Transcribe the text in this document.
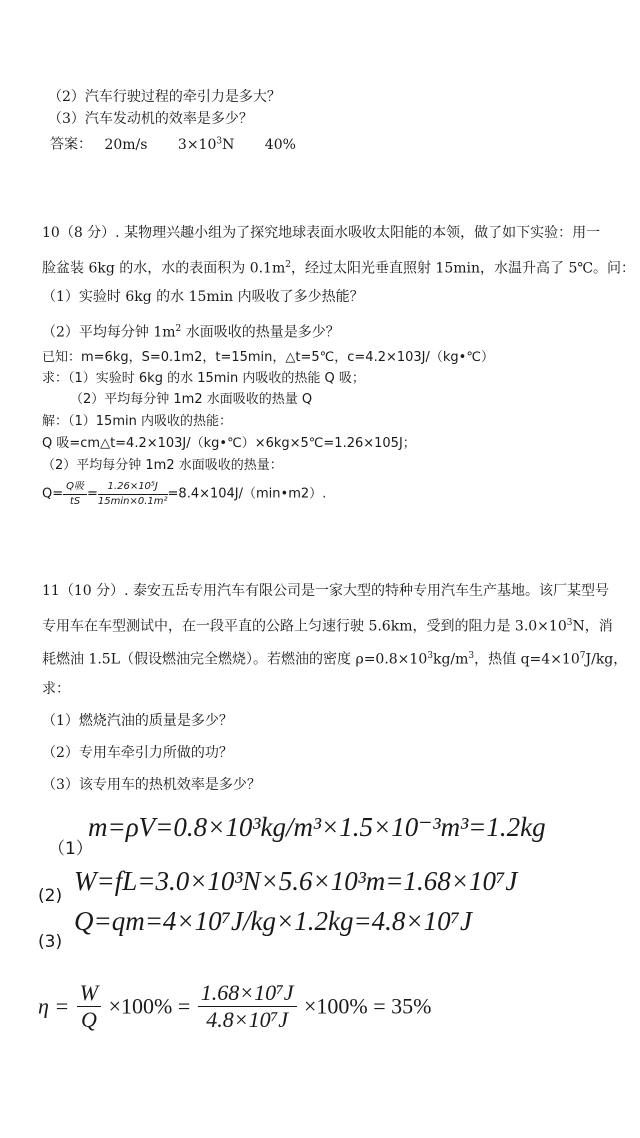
（2）汽车行驶过程的牵引力是多大？
（3）汽车发动机的效率是多少？
答案： 20m/s $3\times 10^3N$ 40%
10（8 分）. 某物理兴趣小组为了探究地球表面水吸收太阳能的本领，做了如下实验：用一
脸盆装 6kg 的水，水的表面积为 $0.1m^2$，经过太阳光垂直照射 15min，水温升高了 5℃。问：
（1）实验时 6kg 的水 15min 内吸收了多少热能？
（2）平均每分钟 $1m^2$ 水面吸收的热量是多少？
已知：m=6kg，S=0.1m2，t=15min，△t=5℃，c=4.2×103J/（kg•℃）
求：（1）实验时 6kg 的水 15min 内吸收的热能 Q 吸；
（2）平均每分钟 1m2 水面吸收的热量 Q
解：（1）15min 内吸收的热能：
Q 吸=cm△t=4.2×103J/（kg•℃）×6kg×5℃=1.26×105J；
（2）平均每分钟 1m2 水面吸收的热量：
$Q= \frac{\text{Q吸}}{tS} = \frac{\text{1.26×10⁵J}}{\text{15min×0.1m²}}$ =8.4×104J/（min•m2）.
11（10 分）. 泰安五岳专用汽车有限公司是一家大型的特种专用汽车生产基地。该厂某型号
专用车在车型测试中，在一段平直的公路上匀速行驶 5.6km，受到的阻力是 $3.0\times 10^3N$，消
耗燃油 1.5L（假设燃油完全燃烧）。若燃油的密度 $\rho=0.8\times 10^3kg/m^3$，热值 $q=4\times 10^7J/kg$，
求：
（1）燃烧汽油的质量是多少？
（2）专用车牵引力所做的功？
（3）该专用车的热机效率是多少？
（1）
m=ρV=0.8×10³kg/m³×1.5×10⁻³m³=1.2kg
(2) W=fL=3.0×10³N×5.6×10³m=1.68×10⁷J
(3)
Q=qm=4×10⁷J/kg×1.2kg=4.8×10⁷J
$\eta = \frac{W}{Q} \times 100\% = \frac{\text{1.68×10⁷J}}{\text{4.8×10⁷J}} \times 100\% = 35\%$
